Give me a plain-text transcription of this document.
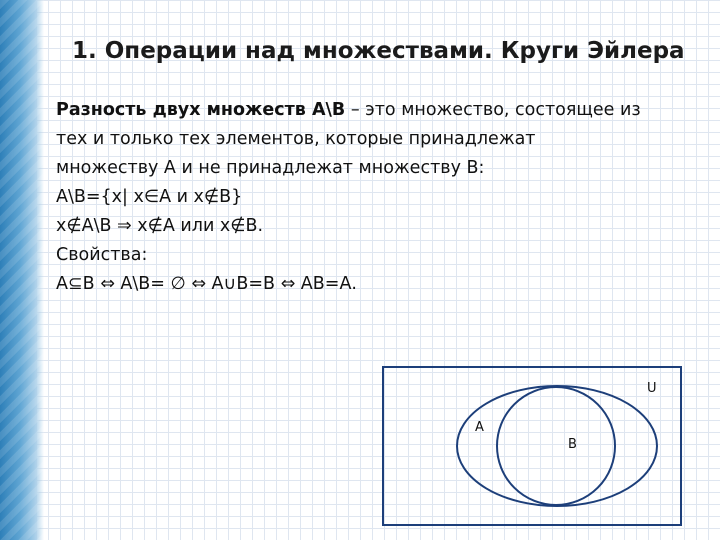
1. Операции над множествами. Круги Эйлера
Разность двух множеств А\В – это множество, состоящее из
тех и только тех элементов, которые принадлежат
множеству А и не принадлежат множеству В:
А\В={х| х∈А и х∉В}
х∉А\В ⇒ х∉А или х∉В.
Свойства:
А⊆В ⇔ А\В= ∅ ⇔ А∪В=В ⇔ АВ=А.
U
А
В
